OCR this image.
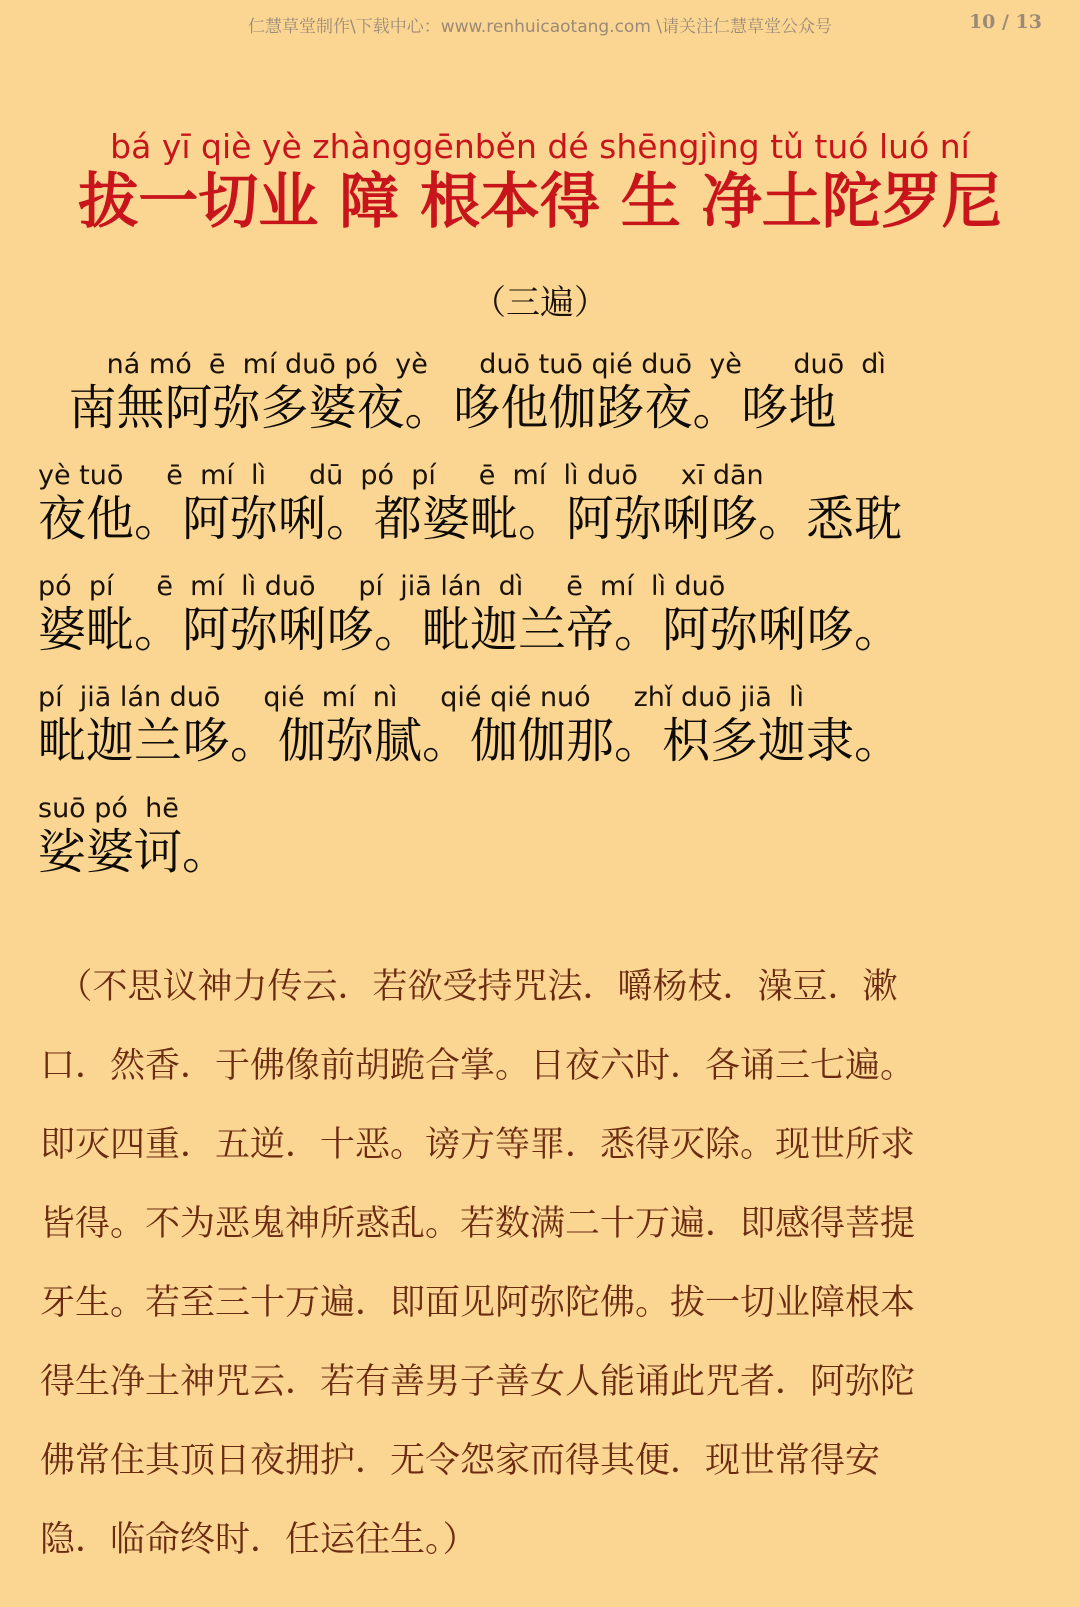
仁慧草堂制作\下载中心：www.renhuicaotang.com \请关注仁慧草堂公众号	10 / 13
bá yī qiè yè zhànggēnběn dé shēngjìng tǔ tuó luó ní
拔一切业 障 根本得 生 净土陀罗尼
（三遍）
ná mó  ē  mí duō pó  yè      duō tuō qié duō  yè      duō  dì
南無阿弥多婆夜。哆他伽跢夜。哆地
yè tuō     ē  mí  lì     dū  pó  pí     ē  mí  lì duō     xī dān
夜他。阿弥唎。都婆毗。阿弥唎哆。悉耽
pó  pí     ē  mí  lì duō     pí  jiā lán  dì     ē  mí  lì duō
婆毗。阿弥唎哆。毗迦兰帝。阿弥唎哆。
pí  jiā lán duō     qié  mí  nì     qié qié nuó     zhǐ duō jiā  lì
毗迦兰哆。伽弥腻。伽伽那。枳多迦隶。
suō pó  hē
娑婆诃。
　（不思议神力传云．若欲受持咒法．嚼杨枝．澡豆．漱
口．然香．于佛像前胡跪合掌。日夜六时．各诵三七遍。
即灭四重．五逆．十恶。谤方等罪．悉得灭除。现世所求
皆得。不为恶鬼神所惑乱。若数满二十万遍．即感得菩提
牙生。若至三十万遍．即面见阿弥陀佛。拔一切业障根本
得生净土神咒云．若有善男子善女人能诵此咒者．阿弥陀
佛常住其顶日夜拥护．无令怨家而得其便．现世常得安
隐．临命终时．任运往生。）
